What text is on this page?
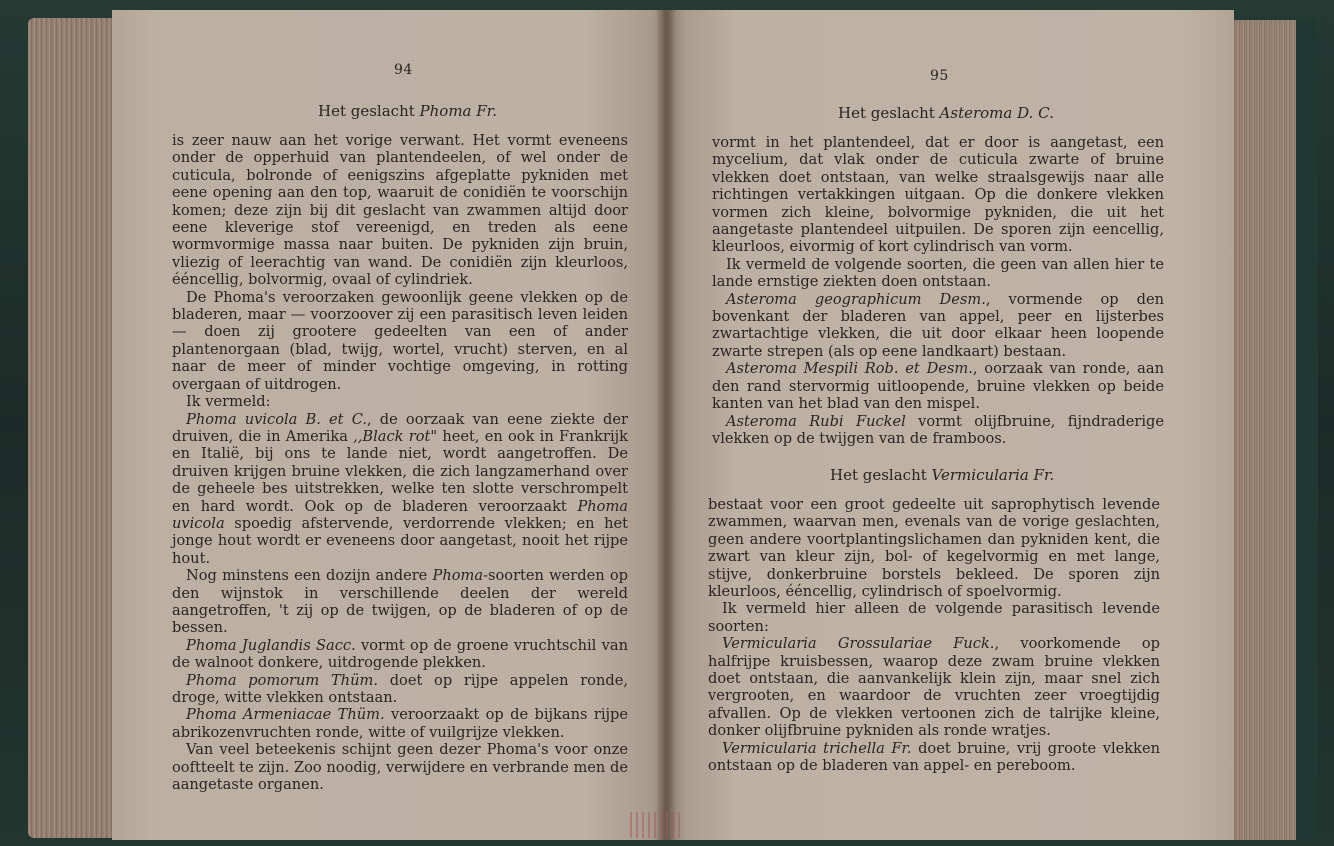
94
Het geslacht Phoma Fr.

is zeer nauw aan het vorige verwant. Het vormt eveneens onder de opperhuid van plantendeelen, of wel onder de cuticula, bolronde of eenigszins afgeplatte pykniden met eene opening aan den top, waaruit de conidiën te voorschijn komen; deze zijn bij dit geslacht van zwammen altijd door eene kleverige stof vereenigd, en treden als eene wormvormige massa naar buiten. De pykniden zijn bruin, vliezig of leerachtig van wand. De conidiën zijn kleurloos, ééncellig, bolvormig, ovaal of cylindriek.

De Phoma's veroorzaken gewoonlijk geene vlekken op de bladeren, maar — voorzoover zij een parasitisch leven leiden — doen zij grootere gedeelten van een of ander plantenorgaan (blad, twijg, wortel, vrucht) sterven, en al naar de meer of minder vochtige omgeving, in rotting overgaan of uitdrogen.

Ik vermeld:

Phoma uvicola B. et C., de oorzaak van eene ziekte der druiven, die in Amerika ,,Black rot" heet, en ook in Frankrijk en Italië, bij ons te lande niet, wordt aangetroffen. De druiven krijgen bruine vlekken, die zich langzamerhand over de geheele bes uitstrekken, welke ten slotte verschrompelt en hard wordt. Ook op de bladeren veroorzaakt Phoma uvicola spoedig afstervende, verdorrende vlekken; en het jonge hout wordt er eveneens door aangetast, nooit het rijpe hout.

Nog minstens een dozijn andere Phoma-soorten werden op den wijnstok in verschillende deelen der wereld aangetroffen, 't zij op de twijgen, op de bladeren of op de bessen.

Phoma Juglandis Sacc. vormt op de groene vruchtschil van de walnoot donkere, uitdrogende plekken.

Phoma pomorum Thüm. doet op rijpe appelen ronde, droge, witte vlekken ontstaan.

Phoma Armeniacae Thüm. veroorzaakt op de bijkans rijpe abrikozenvruchten ronde, witte of vuilgrijze vlekken.

Van veel beteekenis schijnt geen dezer Phoma's voor onze ooftteelt te zijn. Zoo noodig, verwijdere en verbrande men de aangetaste organen.

95
Het geslacht Asteroma D. C.

vormt in het plantendeel, dat er door is aangetast, een mycelium, dat vlak onder de cuticula zwarte of bruine vlekken doet ontstaan, van welke straalsgewijs naar alle richtingen vertakkingen uitgaan. Op die donkere vlekken vormen zich kleine, bolvormige pykniden, die uit het aangetaste plantendeel uitpuilen. De sporen zijn eencellig, kleurloos, eivormig of kort cylindrisch van vorm.

Ik vermeld de volgende soorten, die geen van allen hier te lande ernstige ziekten doen ontstaan.

Asteroma geographicum Desm., vormende op den bovenkant der bladeren van appel, peer en lijsterbes zwartachtige vlekken, die uit door elkaar heen loopende zwarte strepen (als op eene landkaart) bestaan.

Asteroma Mespili Rob. et Desm., oorzaak van ronde, aan den rand stervormig uitloopende, bruine vlekken op beide kanten van het blad van den mispel.

Asteroma Rubi Fuckel vormt olijfbruine, fijndraderige vlekken op de twijgen van de framboos.

Het geslacht Vermicularia Fr.

bestaat voor een groot gedeelte uit saprophytisch levende zwammen, waarvan men, evenals van de vorige geslachten, geen andere voortplantingslichamen dan pykniden kent, die zwart van kleur zijn, bol- of kegelvormig en met lange, stijve, donkerbruine borstels bekleed. De sporen zijn kleurloos, ééncellig, cylindrisch of spoelvormig.

Ik vermeld hier alleen de volgende parasitisch levende soorten:

Vermicularia Grossulariae Fuck., voorkomende op halfrijpe kruisbessen, waarop deze zwam bruine vlekken doet ontstaan, die aanvankelijk klein zijn, maar snel zich vergrooten, en waardoor de vruchten zeer vroegtijdig afvallen. Op de vlekken vertoonen zich de talrijke kleine, donker olijfbruine pykniden als ronde wratjes.

Vermicularia trichella Fr. doet bruine, vrij groote vlekken ontstaan op de bladeren van appel- en pereboom.
